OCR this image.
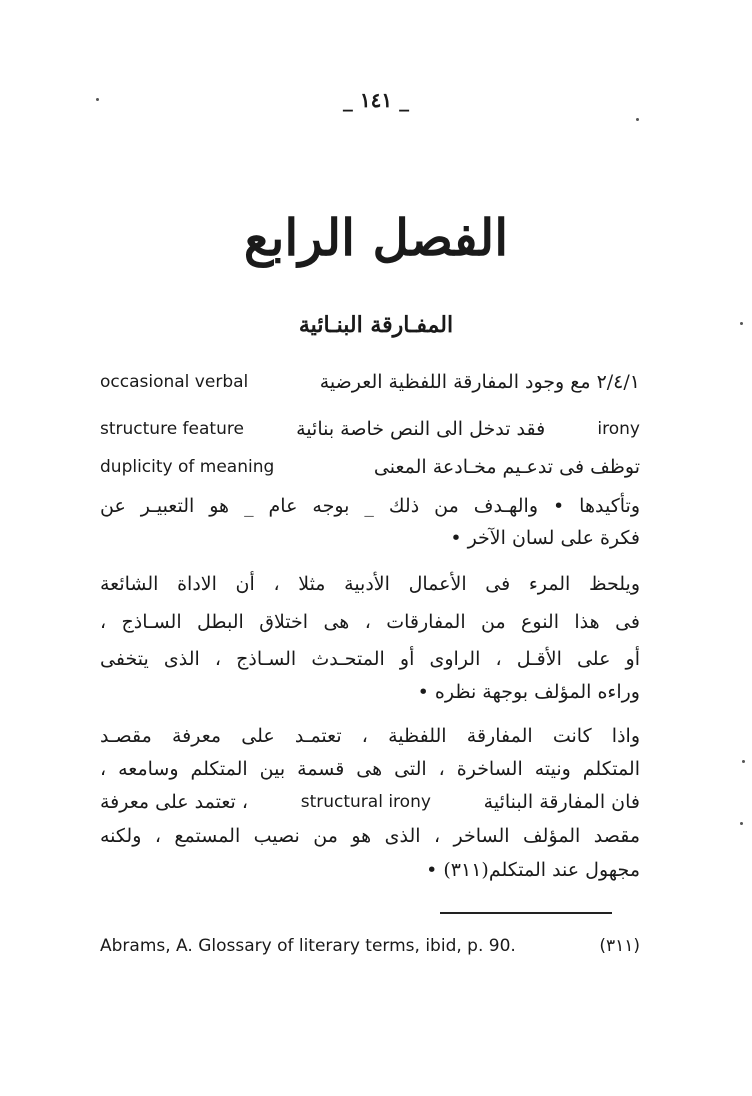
_ ١٤١ _
الفصل الرابع
المفـارقة البنـائية
occasional verbal	٢/٤/١ مع وجود المفارقة اللفظية العرضية
structure feature	فقد تدخل الى النص خاصة بنائية	irony
duplicity of meaning	توظف فى تدعـيم مخـادعة المعنى
وتأكيدها • والهـدف من ذلك _ بوجه عام _ هو التعبيـر عن
فكرة على لسان الآخر •
ويلحظ المرء فى الأعمال الأدبية مثلا ، أن الاداة الشائعة
فى هذا النوع من المفارقات ، هى اختلاق البطل السـاذج ،
أو على الأقـل ، الراوى أو المتحـدث السـاذج ، الذى يتخفى
وراءه المؤلف بوجهة نظره •
واذا كانت المفارقة اللفظية ، تعتمـد على معرفة مقصـد
المتكلم ونيته الساخرة ، التى هى قسمة بين المتكلم وسامعه ،
، تعتمد على معرفة	structural irony	فان المفارقة البنائية
مقصد المؤلف الساخر ، الذى هو من نصيب المستمع ، ولكنه
مجهول عند المتكلم(٣١١) •
Abrams, A. Glossary of literary terms, ibid, p. 90.	(٣١١)
